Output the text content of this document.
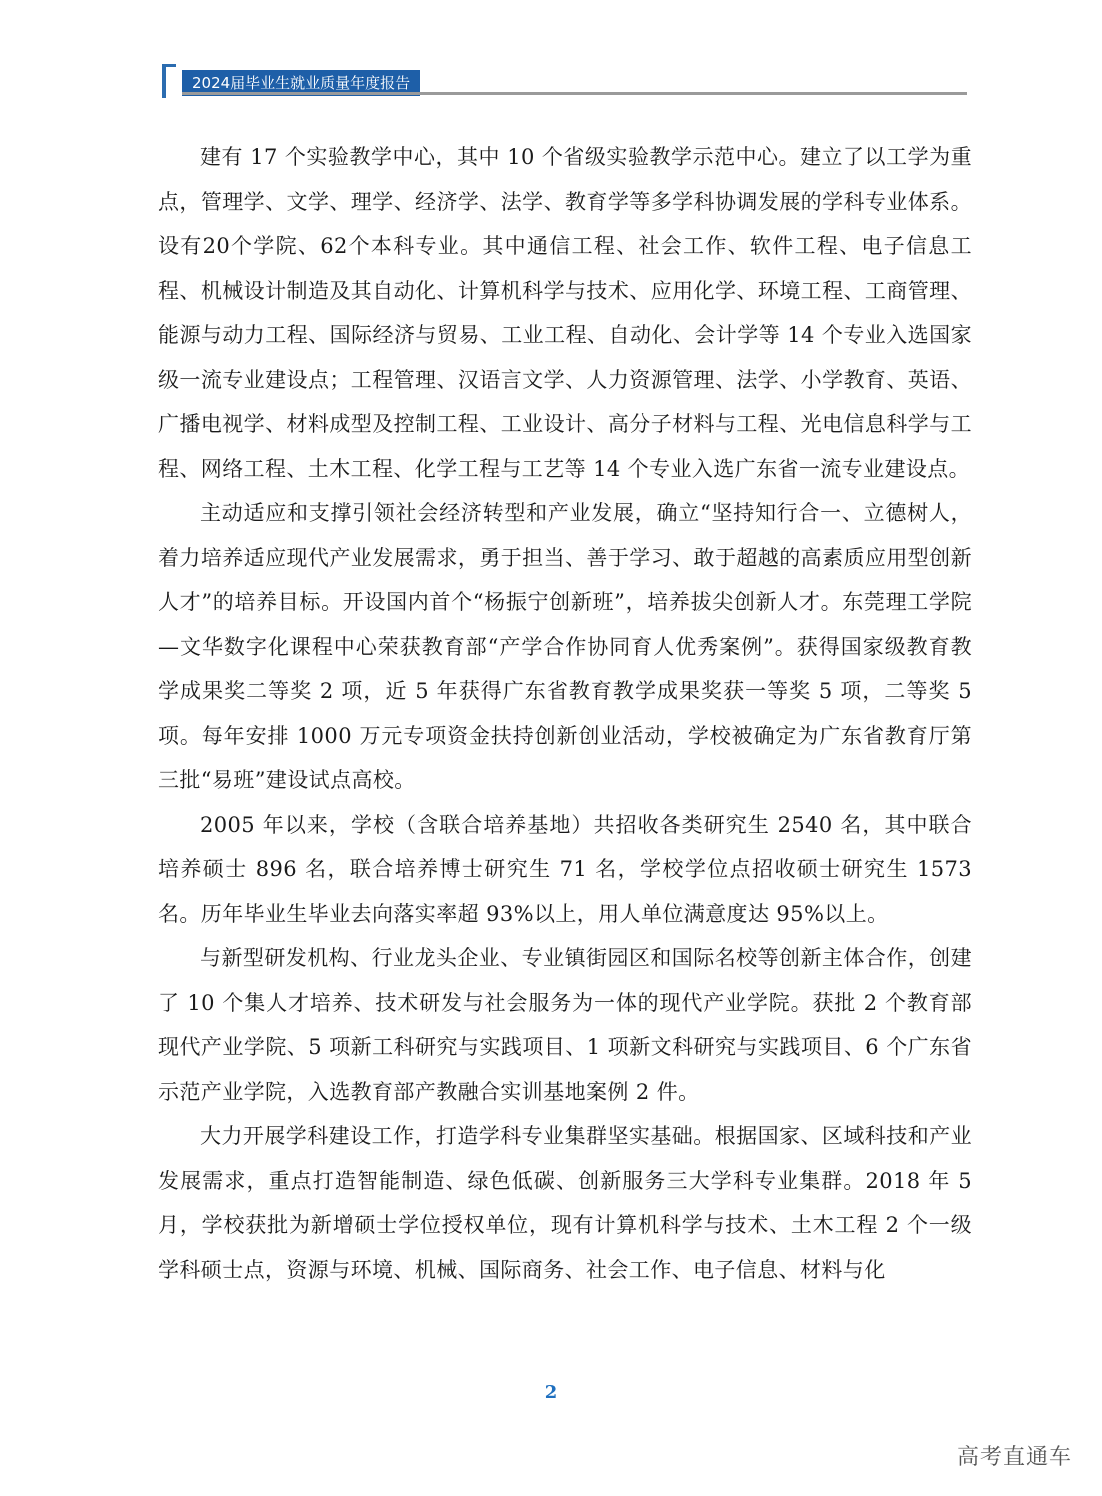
2024届毕业生就业质量年度报告

建有 17 个实验教学中心，其中 10 个省级实验教学示范中心。建立了以工学为重点，管理学、文学、理学、经济学、法学、教育学等多学科协调发展的学科专业体系。设有20个学院、62个本科专业。其中通信工程、社会工作、软件工程、电子信息工程、机械设计制造及其自动化、计算机科学与技术、应用化学、环境工程、工商管理、能源与动力工程、国际经济与贸易、工业工程、自动化、会计学等 14 个专业入选国家级一流专业建设点；工程管理、汉语言文学、人力资源管理、法学、小学教育、英语、广播电视学、材料成型及控制工程、工业设计、高分子材料与工程、光电信息科学与工程、网络工程、土木工程、化学工程与工艺等 14 个专业入选广东省一流专业建设点。

主动适应和支撑引领社会经济转型和产业发展，确立“坚持知行合一、立德树人，着力培养适应现代产业发展需求，勇于担当、善于学习、敢于超越的高素质应用型创新人才”的培养目标。开设国内首个“杨振宁创新班”，培养拔尖创新人才。东莞理工学院—文华数字化课程中心荣获教育部“产学合作协同育人优秀案例”。获得国家级教育教学成果奖二等奖 2 项，近 5 年获得广东省教育教学成果奖获一等奖 5 项，二等奖 5 项。每年安排 1000 万元专项资金扶持创新创业活动，学校被确定为广东省教育厅第三批“易班”建设试点高校。

2005 年以来，学校（含联合培养基地）共招收各类研究生 2540 名，其中联合培养硕士 896 名，联合培养博士研究生 71 名，学校学位点招收硕士研究生 1573 名。历年毕业生毕业去向落实率超 93%以上，用人单位满意度达 95%以上。

与新型研发机构、行业龙头企业、专业镇街园区和国际名校等创新主体合作，创建了 10 个集人才培养、技术研发与社会服务为一体的现代产业学院。获批 2 个教育部现代产业学院、5 项新工科研究与实践项目、1 项新文科研究与实践项目、6 个广东省示范产业学院，入选教育部产教融合实训基地案例 2 件。

大力开展学科建设工作，打造学科专业集群坚实基础。根据国家、区域科技和产业发展需求，重点打造智能制造、绿色低碳、创新服务三大学科专业集群。2018 年 5 月，学校获批为新增硕士学位授权单位，现有计算机科学与技术、土木工程 2 个一级学科硕士点，资源与环境、机械、国际商务、社会工作、电子信息、材料与化

2
高考直通车
